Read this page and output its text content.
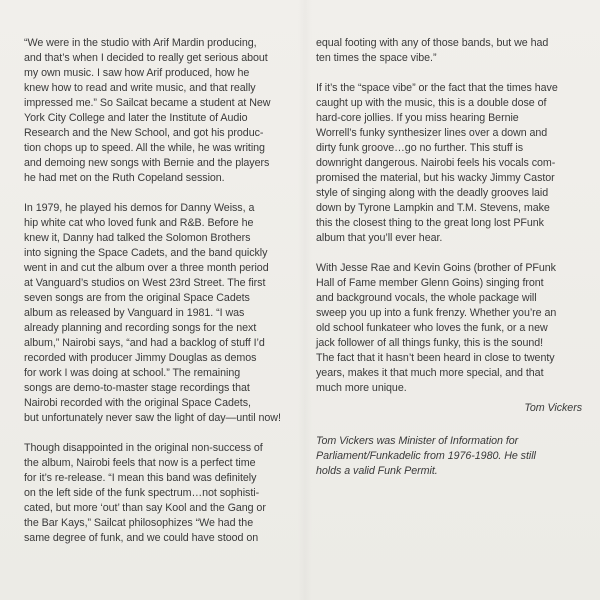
“We were in the studio with Arif Mardin producing,
and that’s when I decided to really get serious about
my own music. I saw how Arif produced, how he
knew how to read and write music, and that really
impressed me.” So Sailcat became a student at New
York City College and later the Institute of Audio
Research and the New School, and got his produc-
tion chops up to speed. All the while, he was writing
and demoing new songs with Bernie and the players
he had met on the Ruth Copeland session.

In 1979, he played his demos for Danny Weiss, a
hip white cat who loved funk and R&B. Before he
knew it, Danny had talked the Solomon Brothers
into signing the Space Cadets, and the band quickly
went in and cut the album over a three month period
at Vanguard’s studios on West 23rd Street. The first
seven songs are from the original Space Cadets
album as released by Vanguard in 1981. “I was
already planning and recording songs for the next
album,” Nairobi says, “and had a backlog of stuff I’d
recorded with producer Jimmy Douglas as demos
for work I was doing at school.” The remaining
songs are demo-to-master stage recordings that
Nairobi recorded with the original Space Cadets,
but unfortunately never saw the light of day—until now!

Though disappointed in the original non-success of
the album, Nairobi feels that now is a perfect time
for it’s re-release. “I mean this band was definitely
on the left side of the funk spectrum…not sophisti-
cated, but more ‘out’ than say Kool and the Gang or
the Bar Kays,” Sailcat philosophizes “We had the
same degree of funk, and we could have stood on

equal footing with any of those bands, but we had
ten times the space vibe.”

If it’s the “space vibe” or the fact that the times have
caught up with the music, this is a double dose of
hard-core jollies. If you miss hearing Bernie
Worrell’s funky synthesizer lines over a down and
dirty funk groove…go no further. This stuff is
downright dangerous. Nairobi feels his vocals com-
promised the material, but his wacky Jimmy Castor
style of singing along with the deadly grooves laid
down by Tyrone Lampkin and T.M. Stevens, make
this the closest thing to the great long lost PFunk
album that you’ll ever hear.

With Jesse Rae and Kevin Goins (brother of PFunk
Hall of Fame member Glenn Goins) singing front
and background vocals, the whole package will
sweep you up into a funk frenzy. Whether you’re an
old school funkateer who loves the funk, or a new
jack follower of all things funky, this is the sound!
The fact that it hasn’t been heard in close to twenty
years, makes it that much more special, and that
much more unique.

Tom Vickers

Tom Vickers was Minister of Information for
Parliament/Funkadelic from 1976-1980. He still
holds a valid Funk Permit.
